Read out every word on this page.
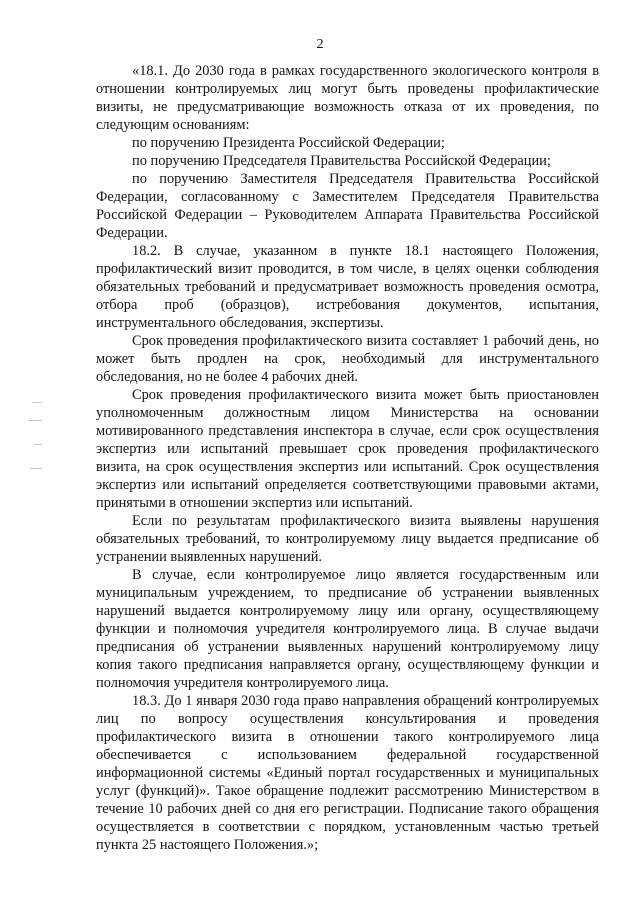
2

«18.1. До 2030 года в рамках государственного экологического контроля в отношении контролируемых лиц могут быть проведены профилактические визиты, не предусматривающие возможность отказа от их проведения, по следующим основаниям:

по поручению Президента Российской Федерации;

по поручению Председателя Правительства Российской Федерации;

по поручению Заместителя Председателя Правительства Российской Федерации, согласованному с Заместителем Председателя Правительства Российской Федерации – Руководителем Аппарата Правительства Российской Федерации.

18.2. В случае, указанном в пункте 18.1 настоящего Положения, профилактический визит проводится, в том числе, в целях оценки соблюдения обязательных требований и предусматривает возможность проведения осмотра, отбора проб (образцов), истребования документов, испытания, инструментального обследования, экспертизы.

Срок проведения профилактического визита составляет 1 рабочий день, но может быть продлен на срок, необходимый для инструментального обследования, но не более 4 рабочих дней.

Срок проведения профилактического визита может быть приостановлен уполномоченным должностным лицом Министерства на основании мотивированного представления инспектора в случае, если срок осуществления экспертиз или испытаний превышает срок проведения профилактического визита, на срок осуществления экспертиз или испытаний. Срок осуществления экспертиз или испытаний определяется соответствующими правовыми актами, принятыми в отношении экспертиз или испытаний.

Если по результатам профилактического визита выявлены нарушения обязательных требований, то контролируемому лицу выдается предписание об устранении выявленных нарушений.

В случае, если контролируемое лицо является государственным или муниципальным учреждением, то предписание об устранении выявленных нарушений выдается контролируемому лицу или органу, осуществляющему функции и полномочия учредителя контролируемого лица. В случае выдачи предписания об устранении выявленных нарушений контролируемому лицу копия такого предписания направляется органу, осуществляющему функции и полномочия учредителя контролируемого лица.

18.3. До 1 января 2030 года право направления обращений контролируемых лиц по вопросу осуществления консультирования и проведения профилактического визита в отношении такого контролируемого лица обеспечивается с использованием федеральной государственной информационной системы «Единый портал государственных и муниципальных услуг (функций)». Такое обращение подлежит рассмотрению Министерством в течение 10 рабочих дней со дня его регистрации. Подписание такого обращения осуществляется в соответствии с порядком, установленным частью третьей пункта 25 настоящего Положения.»;
